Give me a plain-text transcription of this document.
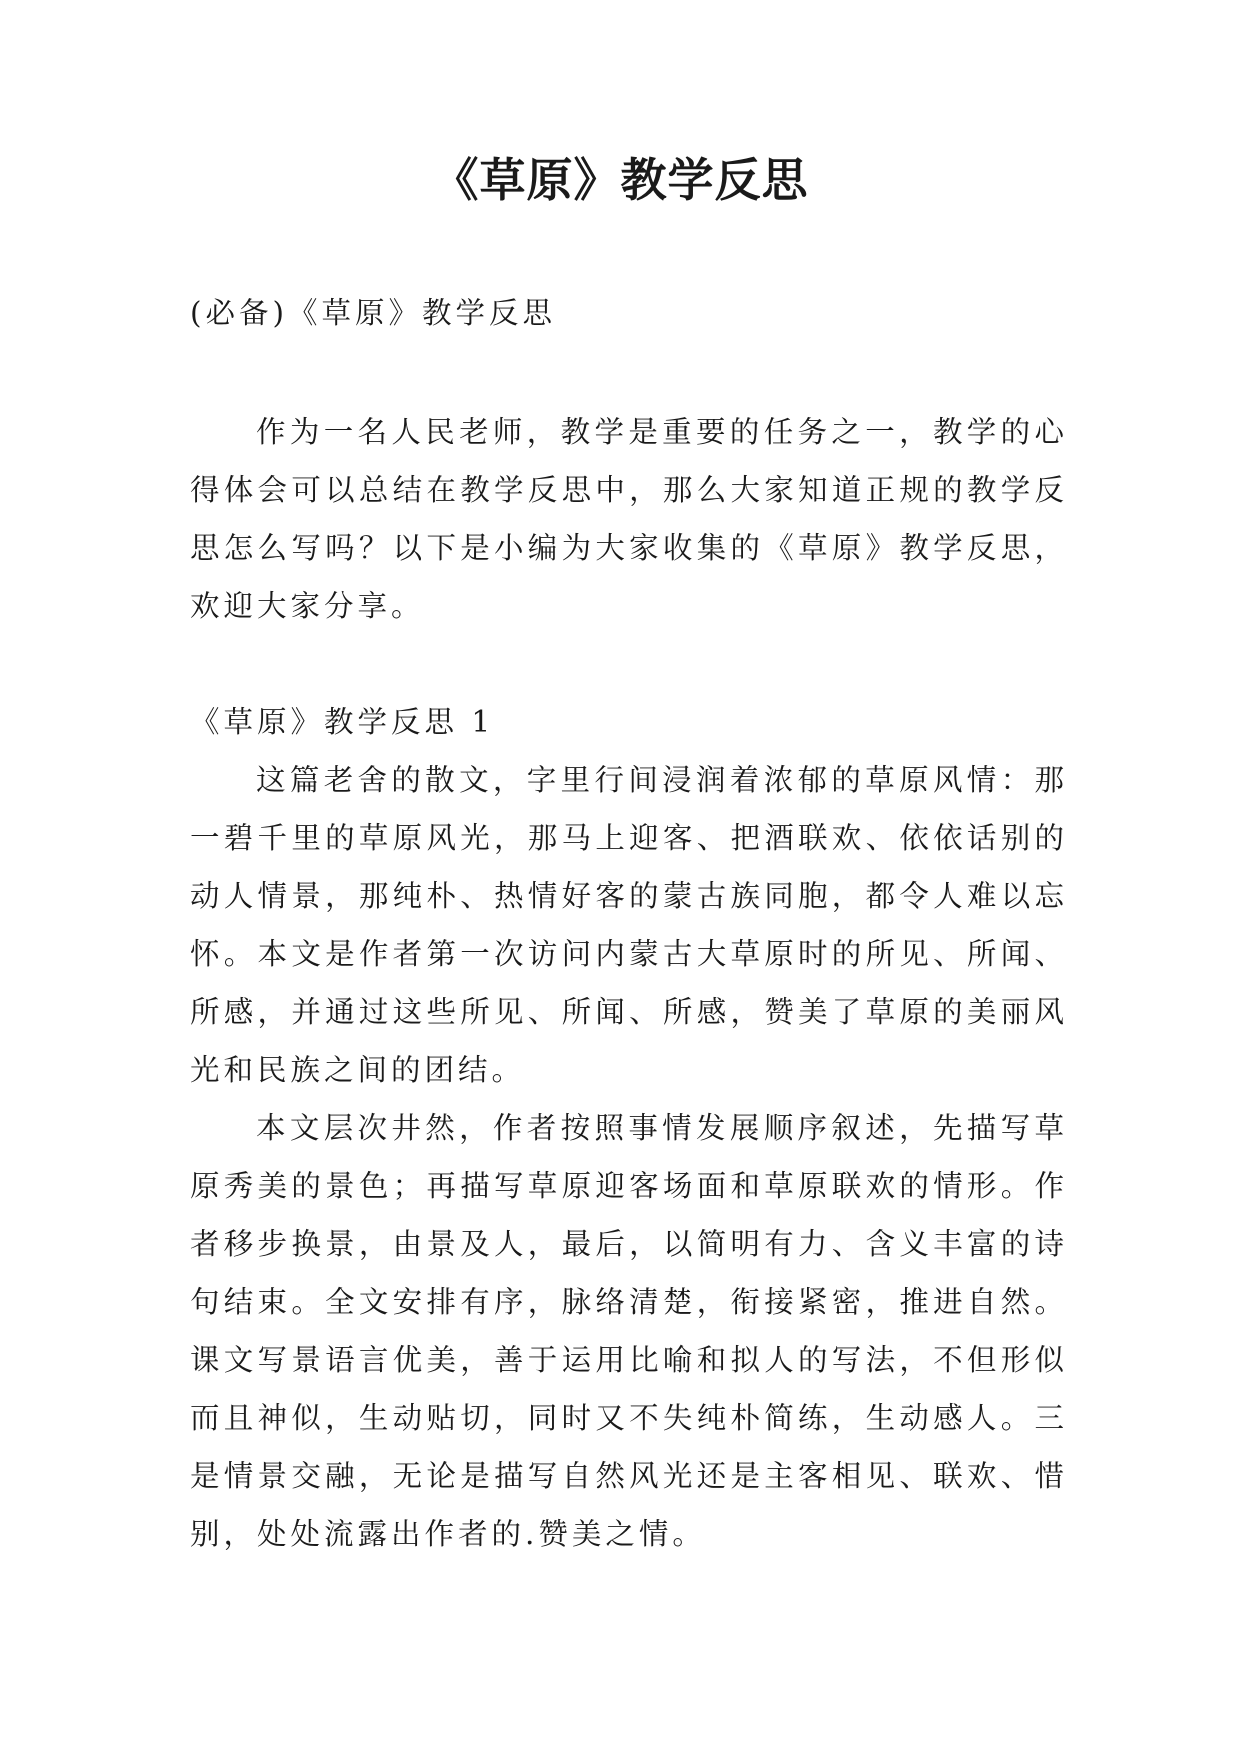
《草原》教学反思

(必备)《草原》教学反思

作为一名人民老师，教学是重要的任务之一，教学的心得体会可以总结在教学反思中，那么大家知道正规的教学反思怎么写吗？以下是小编为大家收集的《草原》教学反思，欢迎大家分享。

《草原》教学反思 1

这篇老舍的散文，字里行间浸润着浓郁的草原风情：那一碧千里的草原风光，那马上迎客、把酒联欢、依依话别的动人情景，那纯朴、热情好客的蒙古族同胞，都令人难以忘怀。本文是作者第一次访问内蒙古大草原时的所见、所闻、所感，并通过这些所见、所闻、所感，赞美了草原的美丽风光和民族之间的团结。

本文层次井然，作者按照事情发展顺序叙述，先描写草原秀美的景色；再描写草原迎客场面和草原联欢的情形。作者移步换景，由景及人，最后，以简明有力、含义丰富的诗句结束。全文安排有序，脉络清楚，衔接紧密，推进自然。课文写景语言优美，善于运用比喻和拟人的写法，不但形似而且神似，生动贴切，同时又不失纯朴简练，生动感人。三是情景交融，无论是描写自然风光还是主客相见、联欢、惜别，处处流露出作者的.赞美之情。
